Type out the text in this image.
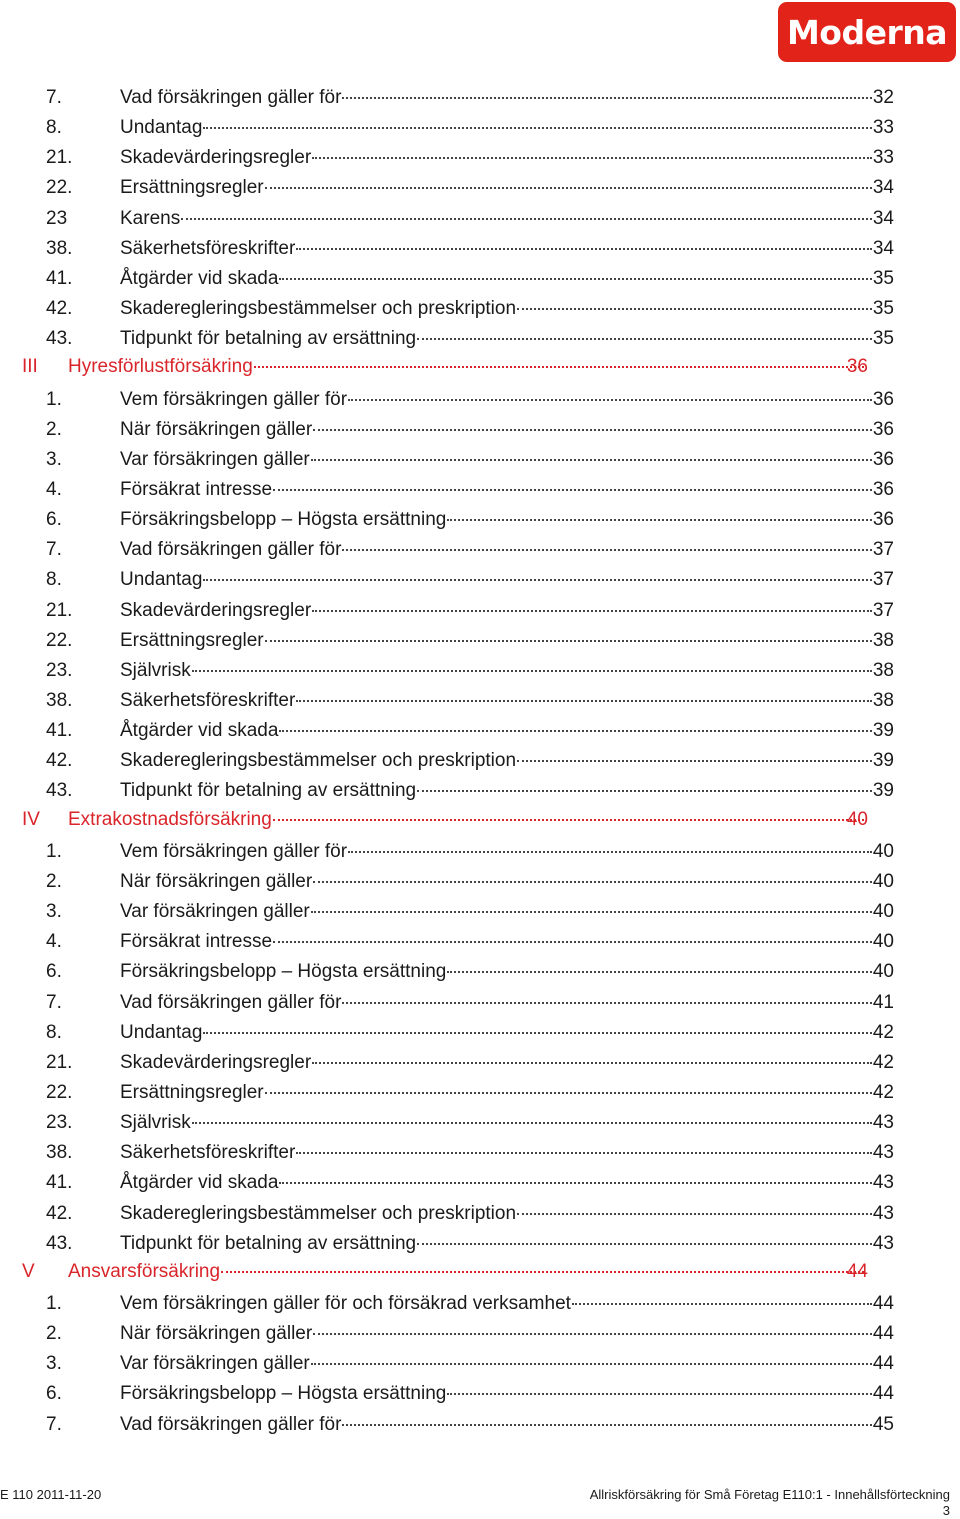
Moderna
7.	Vad försäkringen gäller för	32
8.	Undantag	33
21.	Skadevärderingsregler	33
22.	Ersättningsregler	34
23	Karens	34
38.	Säkerhetsföreskrifter	34
41.	Åtgärder vid skada	35
42.	Skaderegleringsbestämmelser och preskription	35
43.	Tidpunkt för betalning av ersättning	35
III Hyresförlustförsäkring	36
1.	Vem försäkringen gäller för	36
2.	När försäkringen gäller	36
3.	Var försäkringen gäller	36
4.	Försäkrat intresse	36
6.	Försäkringsbelopp – Högsta ersättning	36
7.	Vad försäkringen gäller för	37
8.	Undantag	37
21.	Skadevärderingsregler	37
22.	Ersättningsregler	38
23.	Självrisk	38
38.	Säkerhetsföreskrifter	38
41.	Åtgärder vid skada	39
42.	Skaderegleringsbestämmelser och preskription	39
43.	Tidpunkt för betalning av ersättning	39
IV Extrakostnadsförsäkring	40
1.	Vem försäkringen gäller för	40
2.	När försäkringen gäller	40
3.	Var försäkringen gäller	40
4.	Försäkrat intresse	40
6.	Försäkringsbelopp – Högsta ersättning	40
7.	Vad försäkringen gäller för	41
8.	Undantag	42
21.	Skadevärderingsregler	42
22.	Ersättningsregler	42
23.	Självrisk	43
38.	Säkerhetsföreskrifter	43
41.	Åtgärder vid skada	43
42.	Skaderegleringsbestämmelser och preskription	43
43.	Tidpunkt för betalning av ersättning	43
V Ansvarsförsäkring	44
1.	Vem försäkringen gäller för och försäkrad verksamhet	44
2.	När försäkringen gäller	44
3.	Var försäkringen gäller	44
6.	Försäkringsbelopp – Högsta ersättning	44
7.	Vad försäkringen gäller för	45
E 110 2011-11-20	Allriskförsäkring för Små Företag E110:1 - Innehållsförteckning
3
